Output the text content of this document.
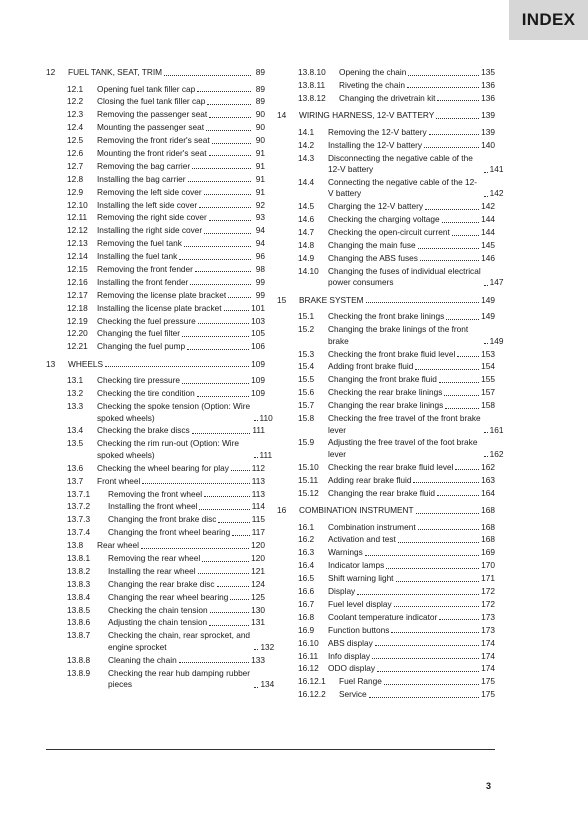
INDEX
12	FUEL TANK, SEAT, TRIM	89
12.1	Opening fuel tank filler cap	89
12.2	Closing the fuel tank filler cap	89
12.3	Removing the passenger seat	90
12.4	Mounting the passenger seat	90
12.5	Removing the front rider's seat	90
12.6	Mounting the front rider's seat	91
12.7	Removing the bag carrier	91
12.8	Installing the bag carrier	91
12.9	Removing the left side cover	91
12.10	Installing the left side cover	92
12.11	Removing the right side cover	93
12.12	Installing the right side cover	94
12.13	Removing the fuel tank	94
12.14	Installing the fuel tank	96
12.15	Removing the front fender	98
12.16	Installing the front fender	99
12.17	Removing the license plate bracket	99
12.18	Installing the license plate bracket	101
12.19	Checking the fuel pressure	103
12.20	Changing the fuel filter	105
12.21	Changing the fuel pump	106
13	WHEELS	109
13.1	Checking tire pressure	109
13.2	Checking the tire condition	109
13.3	Checking the spoke tension (Option: Wire spoked wheels)	110
13.4	Checking the brake discs	111
13.5	Checking the rim run-out (Option: Wire spoked wheels)	111
13.6	Checking the wheel bearing for play	112
13.7	Front wheel	113
13.7.1	Removing the front wheel	113
13.7.2	Installing the front wheel	114
13.7.3	Changing the front brake disc	115
13.7.4	Changing the front wheel bearing	117
13.8	Rear wheel	120
13.8.1	Removing the rear wheel	120
13.8.2	Installing the rear wheel	121
13.8.3	Changing the rear brake disc	124
13.8.4	Changing the rear wheel bearing	125
13.8.5	Checking the chain tension	130
13.8.6	Adjusting the chain tension	131
13.8.7	Checking the chain, rear sprocket, and engine sprocket	132
13.8.8	Cleaning the chain	133
13.8.9	Checking the rear hub damping rubber pieces	134
13.8.10	Opening the chain	135
13.8.11	Riveting the chain	136
13.8.12	Changing the drivetrain kit	136
14	WIRING HARNESS, 12-V BATTERY	139
14.1	Removing the 12-V battery	139
14.2	Installing the 12-V battery	140
14.3	Disconnecting the negative cable of the 12-V battery	141
14.4	Connecting the negative cable of the 12-V battery	142
14.5	Charging the 12-V battery	142
14.6	Checking the charging voltage	144
14.7	Checking the open-circuit current	144
14.8	Changing the main fuse	145
14.9	Changing the ABS fuses	146
14.10	Changing the fuses of individual electrical power consumers	147
15	BRAKE SYSTEM	149
15.1	Checking the front brake linings	149
15.2	Changing the brake linings of the front brake	149
15.3	Checking the front brake fluid level	153
15.4	Adding front brake fluid	154
15.5	Changing the front brake fluid	155
15.6	Checking the rear brake linings	157
15.7	Changing the rear brake linings	158
15.8	Checking the free travel of the front brake lever	161
15.9	Adjusting the free travel of the foot brake lever	162
15.10	Checking the rear brake fluid level	162
15.11	Adding rear brake fluid	163
15.12	Changing the rear brake fluid	164
16	COMBINATION INSTRUMENT	168
16.1	Combination instrument	168
16.2	Activation and test	168
16.3	Warnings	169
16.4	Indicator lamps	170
16.5	Shift warning light	171
16.6	Display	172
16.7	Fuel level display	172
16.8	Coolant temperature indicator	173
16.9	Function buttons	173
16.10	ABS display	174
16.11	Info display	174
16.12	ODO display	174
16.12.1	Fuel Range	175
16.12.2	Service	175
3
